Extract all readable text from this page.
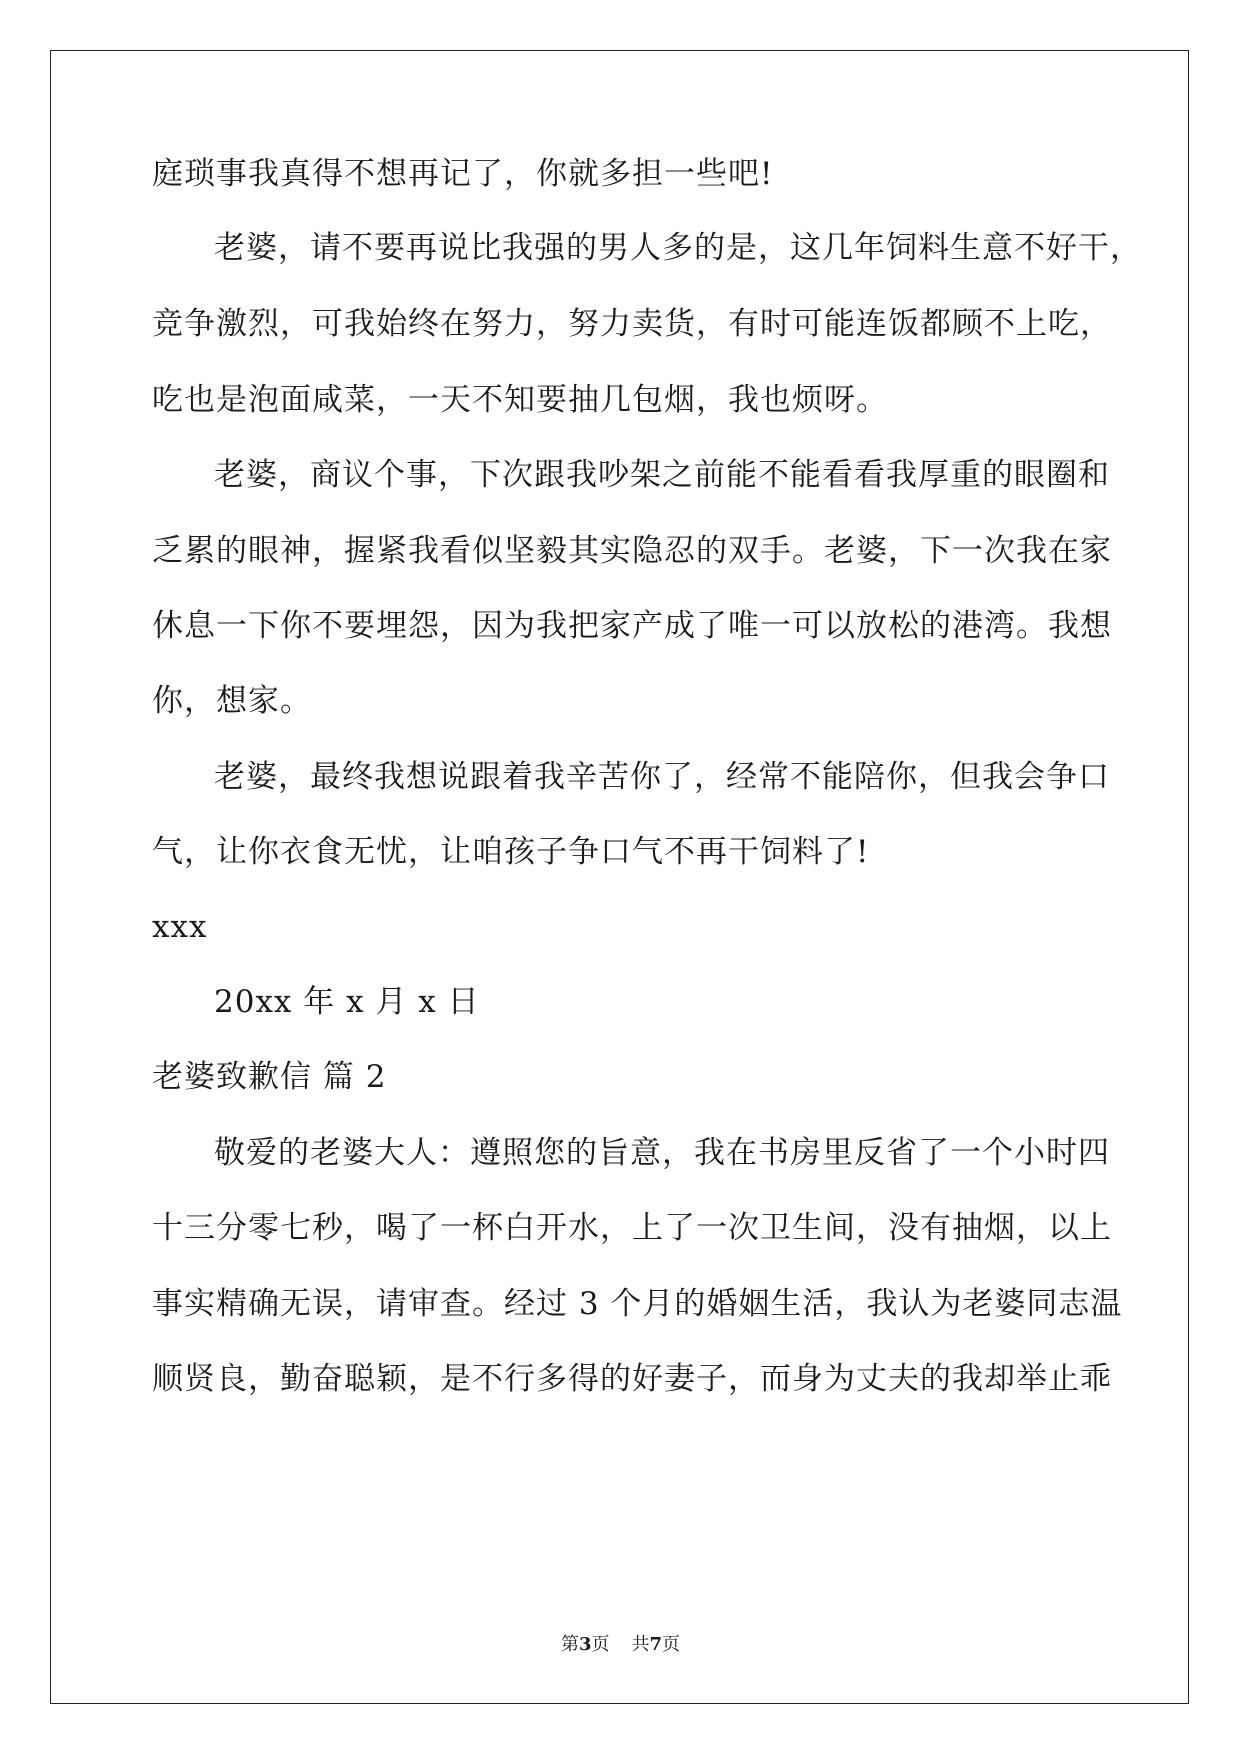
庭琐事我真得不想再记了，你就多担一些吧!
老婆，请不要再说比我强的男人多的是，这几年饲料生意不好干，
竞争激烈，可我始终在努力，努力卖货，有时可能连饭都顾不上吃，
吃也是泡面咸菜，一天不知要抽几包烟，我也烦呀。
老婆，商议个事，下次跟我吵架之前能不能看看我厚重的眼圈和
乏累的眼神，握紧我看似坚毅其实隐忍的双手。老婆，下一次我在家
休息一下你不要埋怨，因为我把家产成了唯一可以放松的港湾。我想
你，想家。
老婆，最终我想说跟着我辛苦你了，经常不能陪你，但我会争口
气，让你衣食无忧，让咱孩子争口气不再干饲料了!
xxx
20xx 年 x 月 x 日
老婆致歉信 篇 2
敬爱的老婆大人：遵照您的旨意，我在书房里反省了一个小时四
十三分零七秒，喝了一杯白开水，上了一次卫生间，没有抽烟，以上
事实精确无误，请审查。经过 3 个月的婚姻生活，我认为老婆同志温
顺贤良，勤奋聪颖，是不行多得的好妻子，而身为丈夫的我却举止乖
第3页 共7页
